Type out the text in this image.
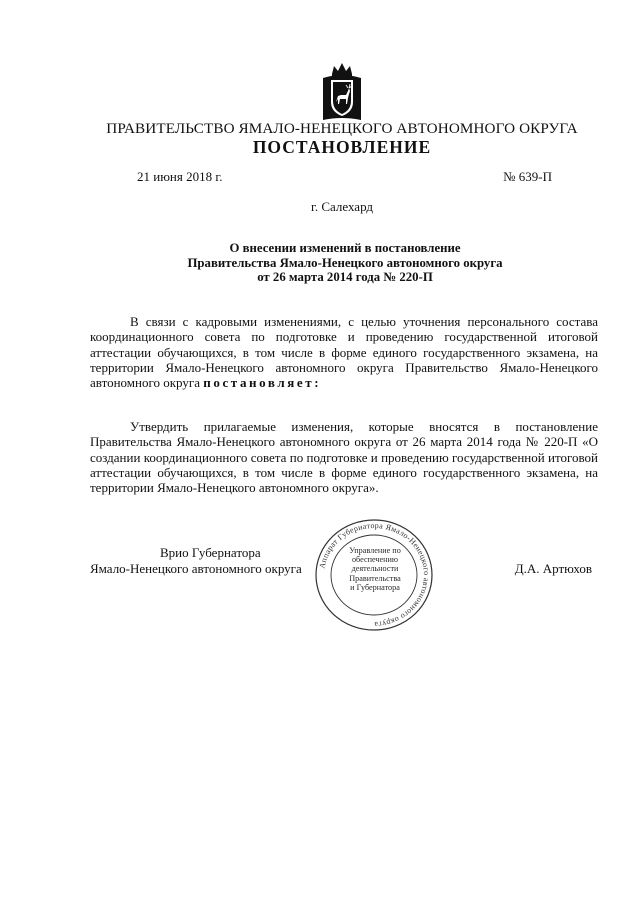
ПРАВИТЕЛЬСТВО ЯМАЛО-НЕНЕЦКОГО АВТОНОМНОГО ОКРУГА
ПОСТАНОВЛЕНИЕ
21 июня 2018 г.	№ 639-П
г. Салехард
О внесении изменений в постановление
Правительства Ямало-Ненецкого автономного округа
от 26 марта 2014 года № 220-П
В связи с кадровыми изменениями, с целью уточнения персонального состава координационного совета по подготовке и проведению государственной итоговой аттестации обучающихся, в том числе в форме единого государственного экзамена, на территории Ямало-Ненецкого автономного округа Правительство Ямало-Ненецкого автономного округа постановляет:
Утвердить прилагаемые изменения, которые вносятся в постановление Правительства Ямало-Ненецкого автономного округа от 26 марта 2014 года № 220-П «О создании координационного совета по подготовке и проведению государственной итоговой аттестации обучающихся, в том числе в форме единого государственного экзамена, на территории Ямало-Ненецкого автономного округа».
Врио Губернатора
Ямало-Ненецкого автономного округа	Д.А. Артюхов
Аппарат Губернатора Ямало-Ненецкого автономного округа
Управление по
обеспечению
деятельности
Правительства
и Губернатора
